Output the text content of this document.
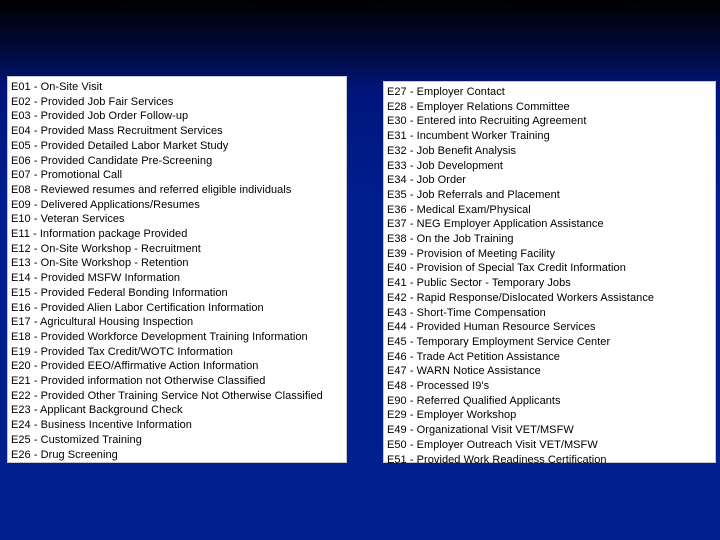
E01 - On-Site Visit
E02 - Provided Job Fair Services
E03 - Provided Job Order Follow-up
E04 - Provided Mass Recruitment Services
E05 - Provided Detailed Labor Market Study
E06 - Provided Candidate Pre-Screening
E07 - Promotional Call
E08 - Reviewed resumes and referred eligible individuals
E09 - Delivered Applications/Resumes
E10 - Veteran Services
E11 - Information package Provided
E12 - On-Site Workshop - Recruitment
E13 - On-Site Workshop - Retention
E14 - Provided MSFW Information
E15 - Provided Federal Bonding Information
E16 - Provided Alien Labor Certification Information
E17 - Agricultural Housing Inspection
E18 - Provided Workforce Development Training Information
E19 - Provided Tax Credit/WOTC Information
E20 - Provided EEO/Affirmative Action Information
E21 - Provided information not Otherwise Classified
E22 - Provided Other Training Service Not Otherwise Classified
E23 - Applicant Background Check
E24 - Business Incentive Information
E25 - Customized Training
E26 - Drug Screening
E27 - Employer Contact
E28 - Employer Relations Committee
E30 - Entered into Recruiting Agreement
E31 - Incumbent Worker Training
E32 - Job Benefit Analysis
E33 - Job Development
E34 - Job Order
E35 - Job Referrals and Placement
E36 - Medical Exam/Physical
E37 - NEG Employer Application Assistance
E38 - On the Job Training
E39 - Provision of Meeting Facility
E40 - Provision of Special Tax Credit Information
E41 - Public Sector - Temporary Jobs
E42 - Rapid Response/Dislocated Workers Assistance
E43 - Short-Time Compensation
E44 - Provided Human Resource Services
E45 - Temporary Employment Service Center
E46 - Trade Act Petition Assistance
E47 - WARN Notice Assistance
E48 - Processed I9's
E90 - Referred Qualified Applicants
E29 - Employer Workshop
E49 - Organizational Visit VET/MSFW
E50 - Employer Outreach Visit VET/MSFW
E51 - Provided Work Readiness Certification
